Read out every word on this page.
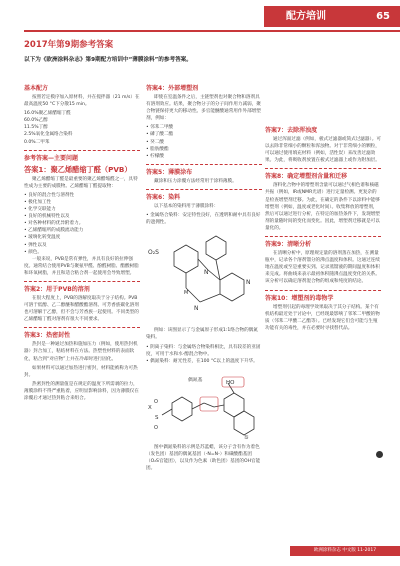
配方培训	65
2017年第9期参考答案
以下为《欧洲涂料杂志》第9期配方培训中“薄膜涂料”的参考答案。
基本配方

按照若定模序加入原材料，并在搅拌器（21 m/s）在最高温度50 °C下分散15 min。

16.0%聚乙烯醋缩丁醛
60.0%乙醇
11.5%丁醇
2.5%氧化金属络合染料
0.0%二甲苯
参考答案—主要问题
答案1：聚乙烯醋缩丁醛（PVB）

聚乙烯醋缩丁醛是最重要的聚乙烯醋缩醛之一，具特性成为主要的成膜物。乙烯醋缩丁醛提取物：

• 良好的混合性与溶剂性
• 极化加工性
• 化学交联能力
• 良好的机械特性以及
• 对各种材料的优异附着力。
• 乙烯醋缩所的成膜流动能力
• 玻璃化转变温度
• 弹性以及
• 颜色。

一般来说，PVB是常有弹性，并具有良好的拉伸强度。通常结合使用PVB与聚氨甲醛、酚醛树脂、酯酸树脂和环氧树脂，并且和适合粘合剂一起使用会导致增塑。

答案2：用于PVB的溶剂

在很大程度上，PVB的溶解度取决于分子结构。PVB可溶于低醇、乙二醇醚和醋酸酯溶剂。可芳香族碳化溶剂也可溶解于乙醇，但不会与芳香族一起使用。不同类型的乙烯醋缩丁醛对溶剂有很大不同要求。

答案3：热密封性

热封是一种通过加热和施加压力（例如，使用热封机器）封合加工，粘结材料在方法。热塑性材料的表面软化，粘合到“对应物”上并在冷却时进行固化。

如果材料可以通过加热进行密封，材料能被称为可热封。

热密封性的测量值是在规定的温度下所需剥的拉力，薄膜涂料不得严重粘着，应明显影响涂料，因为薄膜仅在涂覆后才通过热封粘合来组合。

答案4：外部增塑剂

即使在室温条件之后，主链塑剂也对聚合物和溶剂具有溶剂效应。结果，聚合物分子的分子间作用力减弱，聚合物链保持更大的移动性。多官能醚酸通常用作外部增塑剂，例如：

• 邻苯二甲酸
• 磷了酸二酯
• 癸二酸
• 脂肪酸酯
• 柠檬酸
答案5：薄膜涂布

藏涂和压力涂覆方法经常用于涂料薄膜。

答案6：染料

以下基本的染料用于薄膜涂料：

• 金属络合染料：安定特性良好，在透明和耐中具有良好的遮拥性。
O₂S
N
N
N
M

例如：该图显示了与金属原子形成1:1络合物的偶氮染料。

• 阴离子染料：与金属络合物染料相比，具有较差的亚固度，可用于水和水-醇混合物中。
• 偶氮染料：耐光性差，在100 °C以上的温度下升华。
偶氮基	HO
X
O
S
O
萘

图中偶氮染料的示例是苏蓝蜡，该分子含有作为着色（发色团）基团的偶氮基团（-N=N-）和磺酸酯基团（O₂S官能团），以及作为色素（助色团）基团的OH官能团。

答案7：去除浑浊度

通过浑面过滤（例如，板式过滤器或筒式过滤器）。可以去除非常细小的颗粒和浑浊物。对于非常细小的颗粒，可以通过使用填充材料（例如，活性炭）来改善过滤效果。为此，将吸收剂放置在板式过滤器上或作为附加层。

答案8：确定增塑剂含量和迁移

溶料化合物中的增塑剂含量可以通过气相色谱和核磁共振（例如，IR或NMR光谱）进行定量检测。更复杂的是检查增塑剂迁移。为此，在确定的条件下以涂料中能够增塑剂（例如，温度或老化时间）。收集释放的增塑剂，然后可以通过进行分析，在特定的加热条件下，发现增塑剂的量随时间的变化而变化。因此，增塑剂迁移就是可以量化的。

答案9：清晰分析

在清晰分析中，原理规定量的溶剂蒸在加热，在测量瓶中，记录各个溶剂馏分的沸点温度和体积。这通过连续地在温度或至是重要实到。记录蒸馏液的期间温度和体积来完成。将曲线来表示最初体积随沸点温度变化的关系。该分析可以确定溶剂混合物的组成和纯度的结论。

答案10：增塑剂的毒物学

增塑剂引起的毒理学效果取决于其分子结构。某个有机结构最近处于讨论中，已经现最影响了邻苯二甲酸的物质（邻苯二甲酸二乙酯等）。已经发现它们会可能与生殖功能有关的毒性，并在必要时寻找替代品。

欧洲涂料杂志 中文版 11-2017
